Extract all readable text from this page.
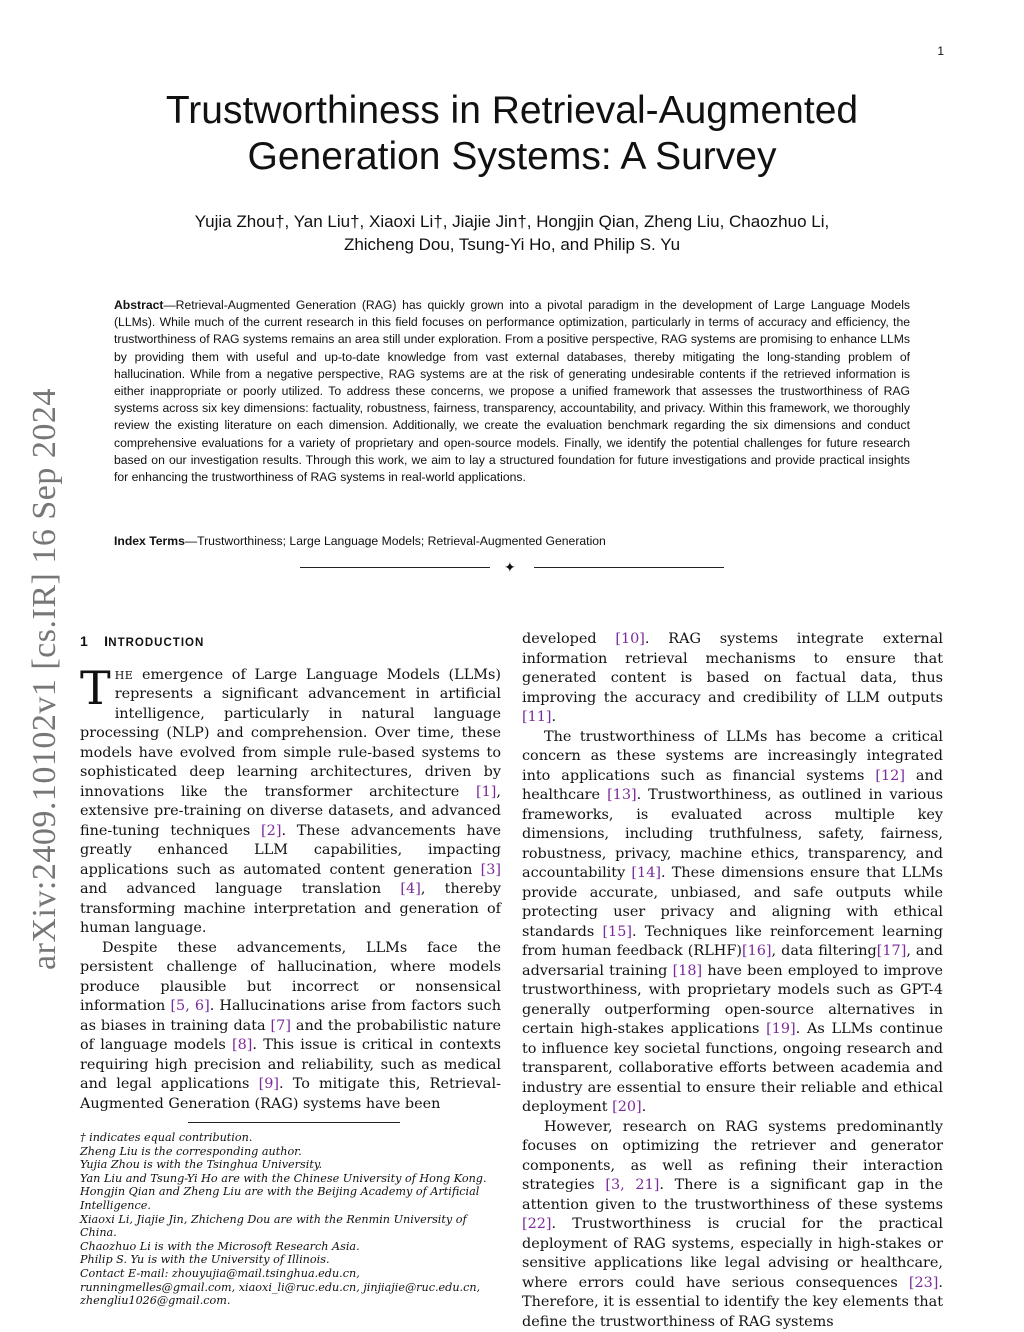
1
arXiv:2409.10102v1 [cs.IR] 16 Sep 2024
Trustworthiness in Retrieval-Augmented
Generation Systems: A Survey
Yujia Zhou†, Yan Liu†, Xiaoxi Li†, Jiajie Jin†, Hongjin Qian, Zheng Liu, Chaozhuo Li,
Zhicheng Dou, Tsung-Yi Ho, and Philip S. Yu
Abstract—Retrieval-Augmented Generation (RAG) has quickly grown into a pivotal paradigm in the development of Large Language Models (LLMs). While much of the current research in this field focuses on performance optimization, particularly in terms of accuracy and efficiency, the trustworthiness of RAG systems remains an area still under exploration. From a positive perspective, RAG systems are promising to enhance LLMs by providing them with useful and up-to-date knowledge from vast external databases, thereby mitigating the long-standing problem of hallucination. While from a negative perspective, RAG systems are at the risk of generating undesirable contents if the retrieved information is either inappropriate or poorly utilized. To address these concerns, we propose a unified framework that assesses the trustworthiness of RAG systems across six key dimensions: factuality, robustness, fairness, transparency, accountability, and privacy. Within this framework, we thoroughly review the existing literature on each dimension. Additionally, we create the evaluation benchmark regarding the six dimensions and conduct comprehensive evaluations for a variety of proprietary and open-source models. Finally, we identify the potential challenges for future research based on our investigation results. Through this work, we aim to lay a structured foundation for future investigations and provide practical insights for enhancing the trustworthiness of RAG systems in real-world applications.
Index Terms—Trustworthiness; Large Language Models; Retrieval-Augmented Generation
✦
1 INTRODUCTION

THE emergence of Large Language Models (LLMs) represents a significant advancement in artificial intelligence, particularly in natural language processing (NLP) and comprehension. Over time, these models have evolved from simple rule-based systems to sophisticated deep learning architectures, driven by innovations like the transformer architecture [1], extensive pre-training on diverse datasets, and advanced fine-tuning techniques [2]. These advancements have greatly enhanced LLM capabilities, impacting applications such as automated content generation [3] and advanced language translation [4], thereby transforming machine interpretation and generation of human language.

Despite these advancements, LLMs face the persistent challenge of hallucination, where models produce plausible but incorrect or nonsensical information [5, 6]. Hallucinations arise from factors such as biases in training data [7] and the probabilistic nature of language models [8]. This issue is critical in contexts requiring high precision and reliability, such as medical and legal applications [9]. To mitigate this, Retrieval-Augmented Generation (RAG) systems have been

† indicates equal contribution.
Zheng Liu is the corresponding author.
Yujia Zhou is with the Tsinghua University.
Yan Liu and Tsung-Yi Ho are with the Chinese University of Hong Kong.
Hongjin Qian and Zheng Liu are with the Beijing Academy of Artificial Intelligence.
Xiaoxi Li, Jiajie Jin, Zhicheng Dou are with the Renmin University of China.
Chaozhuo Li is with the Microsoft Research Asia.
Philip S. Yu is with the University of Illinois.
Contact E-mail: zhouyujia@mail.tsinghua.edu.cn, runningmelles@gmail.com, xiaoxi_li@ruc.edu.cn, jinjiajie@ruc.edu.cn, zhengliu1026@gmail.com.

developed [10]. RAG systems integrate external information retrieval mechanisms to ensure that generated content is based on factual data, thus improving the accuracy and credibility of LLM outputs [11].

The trustworthiness of LLMs has become a critical concern as these systems are increasingly integrated into applications such as financial systems [12] and healthcare [13]. Trustworthiness, as outlined in various frameworks, is evaluated across multiple key dimensions, including truthfulness, safety, fairness, robustness, privacy, machine ethics, transparency, and accountability [14]. These dimensions ensure that LLMs provide accurate, unbiased, and safe outputs while protecting user privacy and aligning with ethical standards [15]. Techniques like reinforcement learning from human feedback (RLHF)[16], data filtering[17], and adversarial training [18] have been employed to improve trustworthiness, with proprietary models such as GPT-4 generally outperforming open-source alternatives in certain high-stakes applications [19]. As LLMs continue to influence key societal functions, ongoing research and transparent, collaborative efforts between academia and industry are essential to ensure their reliable and ethical deployment [20].

However, research on RAG systems predominantly focuses on optimizing the retriever and generator components, as well as refining their interaction strategies [3, 21]. There is a significant gap in the attention given to the trustworthiness of these systems [22]. Trustworthiness is crucial for the practical deployment of RAG systems, especially in high-stakes or sensitive applications like legal advising or healthcare, where errors could have serious consequences [23]. Therefore, it is essential to identify the key elements that define the trustworthiness of RAG systems
